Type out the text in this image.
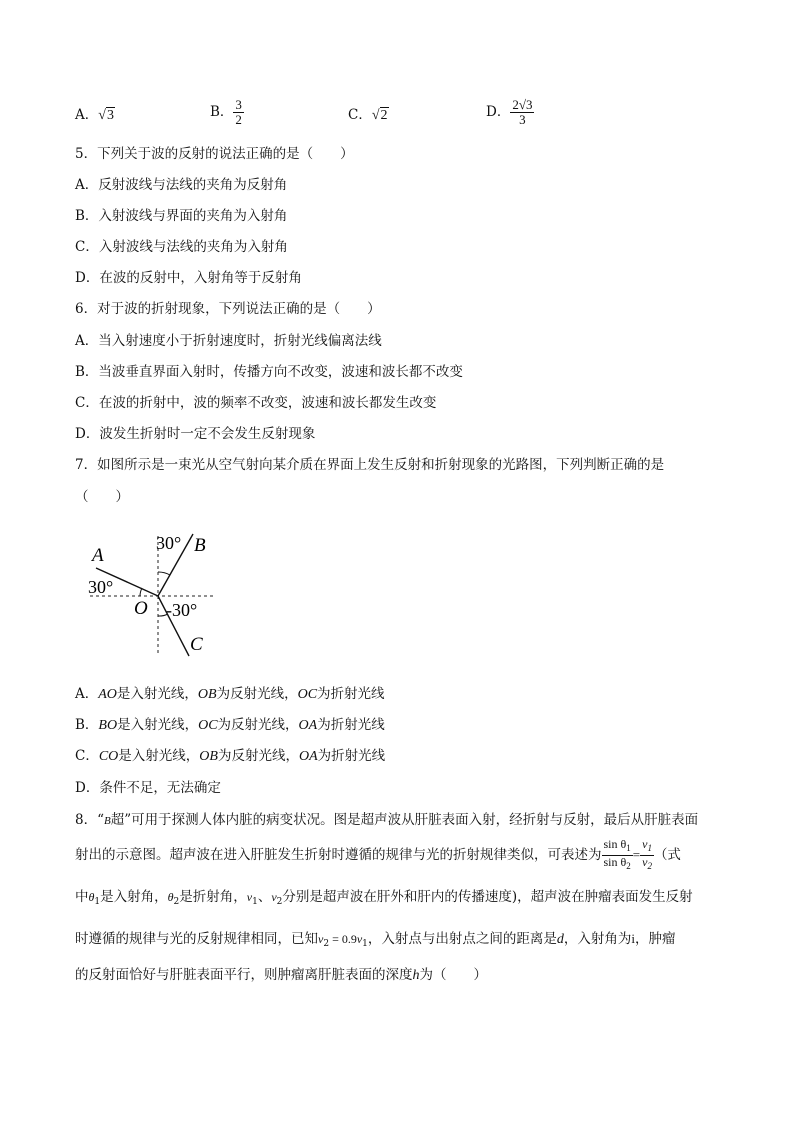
A．√3	B． $\frac{3}{2}$	C．√2	D． $\frac{2√3}{3}$
5．下列关于波的反射的说法正确的是（　　）
A．反射波线与法线的夹角为反射角
B．入射波线与界面的夹角为入射角
C．入射波线与法线的夹角为入射角
D．在波的反射中，入射角等于反射角
6．对于波的折射现象，下列说法正确的是（　　）
A．当入射速度小于折射速度时，折射光线偏离法线
B．当波垂直界面入射时，传播方向不改变，波速和波长都不改变
C．在波的折射中，波的频率不改变，波速和波长都发生改变
D．波发生折射时一定不会发生反射现象
7．如图所示是一束光从空气射向某介质在界面上发生反射和折射现象的光路图，下列判断正确的是
（　　）
A	B
C
O
30°
30°
-30°
A．AO是入射光线，OB为反射光线，OC为折射光线
B．BO是入射光线，OC为反射光线，OA为折射光线
C．CO是入射光线，OB为反射光线，OA为折射光线
D．条件不足，无法确定
8．“B超”可用于探测人体内脏的病变状况。图是超声波从肝脏表面入射，经折射与反射，最后从肝脏表面
射出的示意图。超声波在进入肝脏发生折射时遵循的规律与光的折射规律类似，可表述为 $\frac{\sin \theta_1}{\sin \theta_2} = \frac{v_1}{v_2}$ （式
中$\theta_1$是入射角，$\theta_2$是折射角，$v_1$、$v_2$分别是超声波在肝外和肝内的传播速度)，超声波在肿瘤表面发生反射
时遵循的规律与光的反射规律相同，已知$v_2 = 0.9v_1$，入射点与出射点之间的距离是d，入射角为i，肿瘤
的反射面恰好与肝脏表面平行，则肿瘤离肝脏表面的深度h为（　　）
